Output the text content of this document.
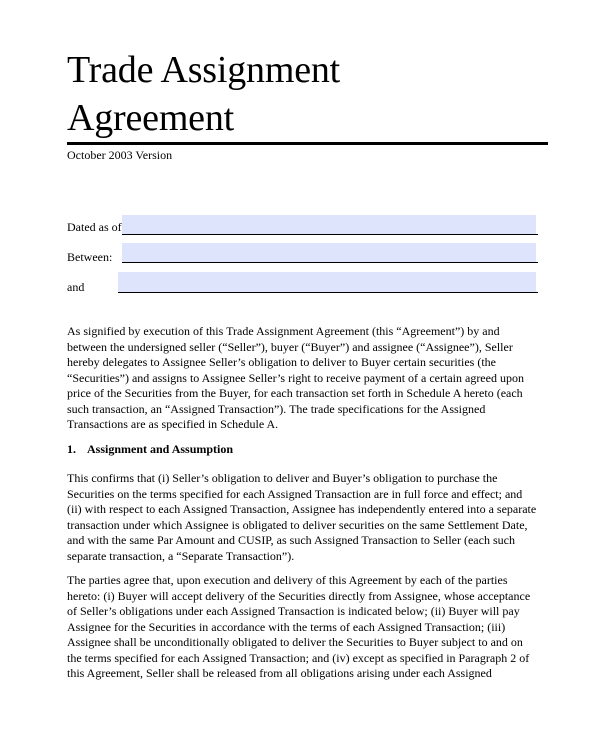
Trade Assignment
Agreement
October 2003 Version
Dated as of
Between:
and
As signified by execution of this Trade Assignment Agreement (this “Agreement”) by and
between the undersigned seller (“Seller”), buyer (“Buyer”) and assignee (“Assignee”), Seller
hereby delegates to Assignee Seller’s obligation to deliver to Buyer certain securities (the
“Securities”) and assigns to Assignee Seller’s right to receive payment of a certain agreed upon
price of the Securities from the Buyer, for each transaction set forth in Schedule A hereto (each
such transaction, an “Assigned Transaction”). The trade specifications for the Assigned
Transactions are as specified in Schedule A.
1. Assignment and Assumption
This confirms that (i) Seller’s obligation to deliver and Buyer’s obligation to purchase the
Securities on the terms specified for each Assigned Transaction are in full force and effect; and
(ii) with respect to each Assigned Transaction, Assignee has independently entered into a separate
transaction under which Assignee is obligated to deliver securities on the same Settlement Date,
and with the same Par Amount and CUSIP, as such Assigned Transaction to Seller (each such
separate transaction, a “Separate Transaction”).
The parties agree that, upon execution and delivery of this Agreement by each of the parties
hereto: (i) Buyer will accept delivery of the Securities directly from Assignee, whose acceptance
of Seller’s obligations under each Assigned Transaction is indicated below; (ii) Buyer will pay
Assignee for the Securities in accordance with the terms of each Assigned Transaction; (iii)
Assignee shall be unconditionally obligated to deliver the Securities to Buyer subject to and on
the terms specified for each Assigned Transaction; and (iv) except as specified in Paragraph 2 of
this Agreement, Seller shall be released from all obligations arising under each Assigned
